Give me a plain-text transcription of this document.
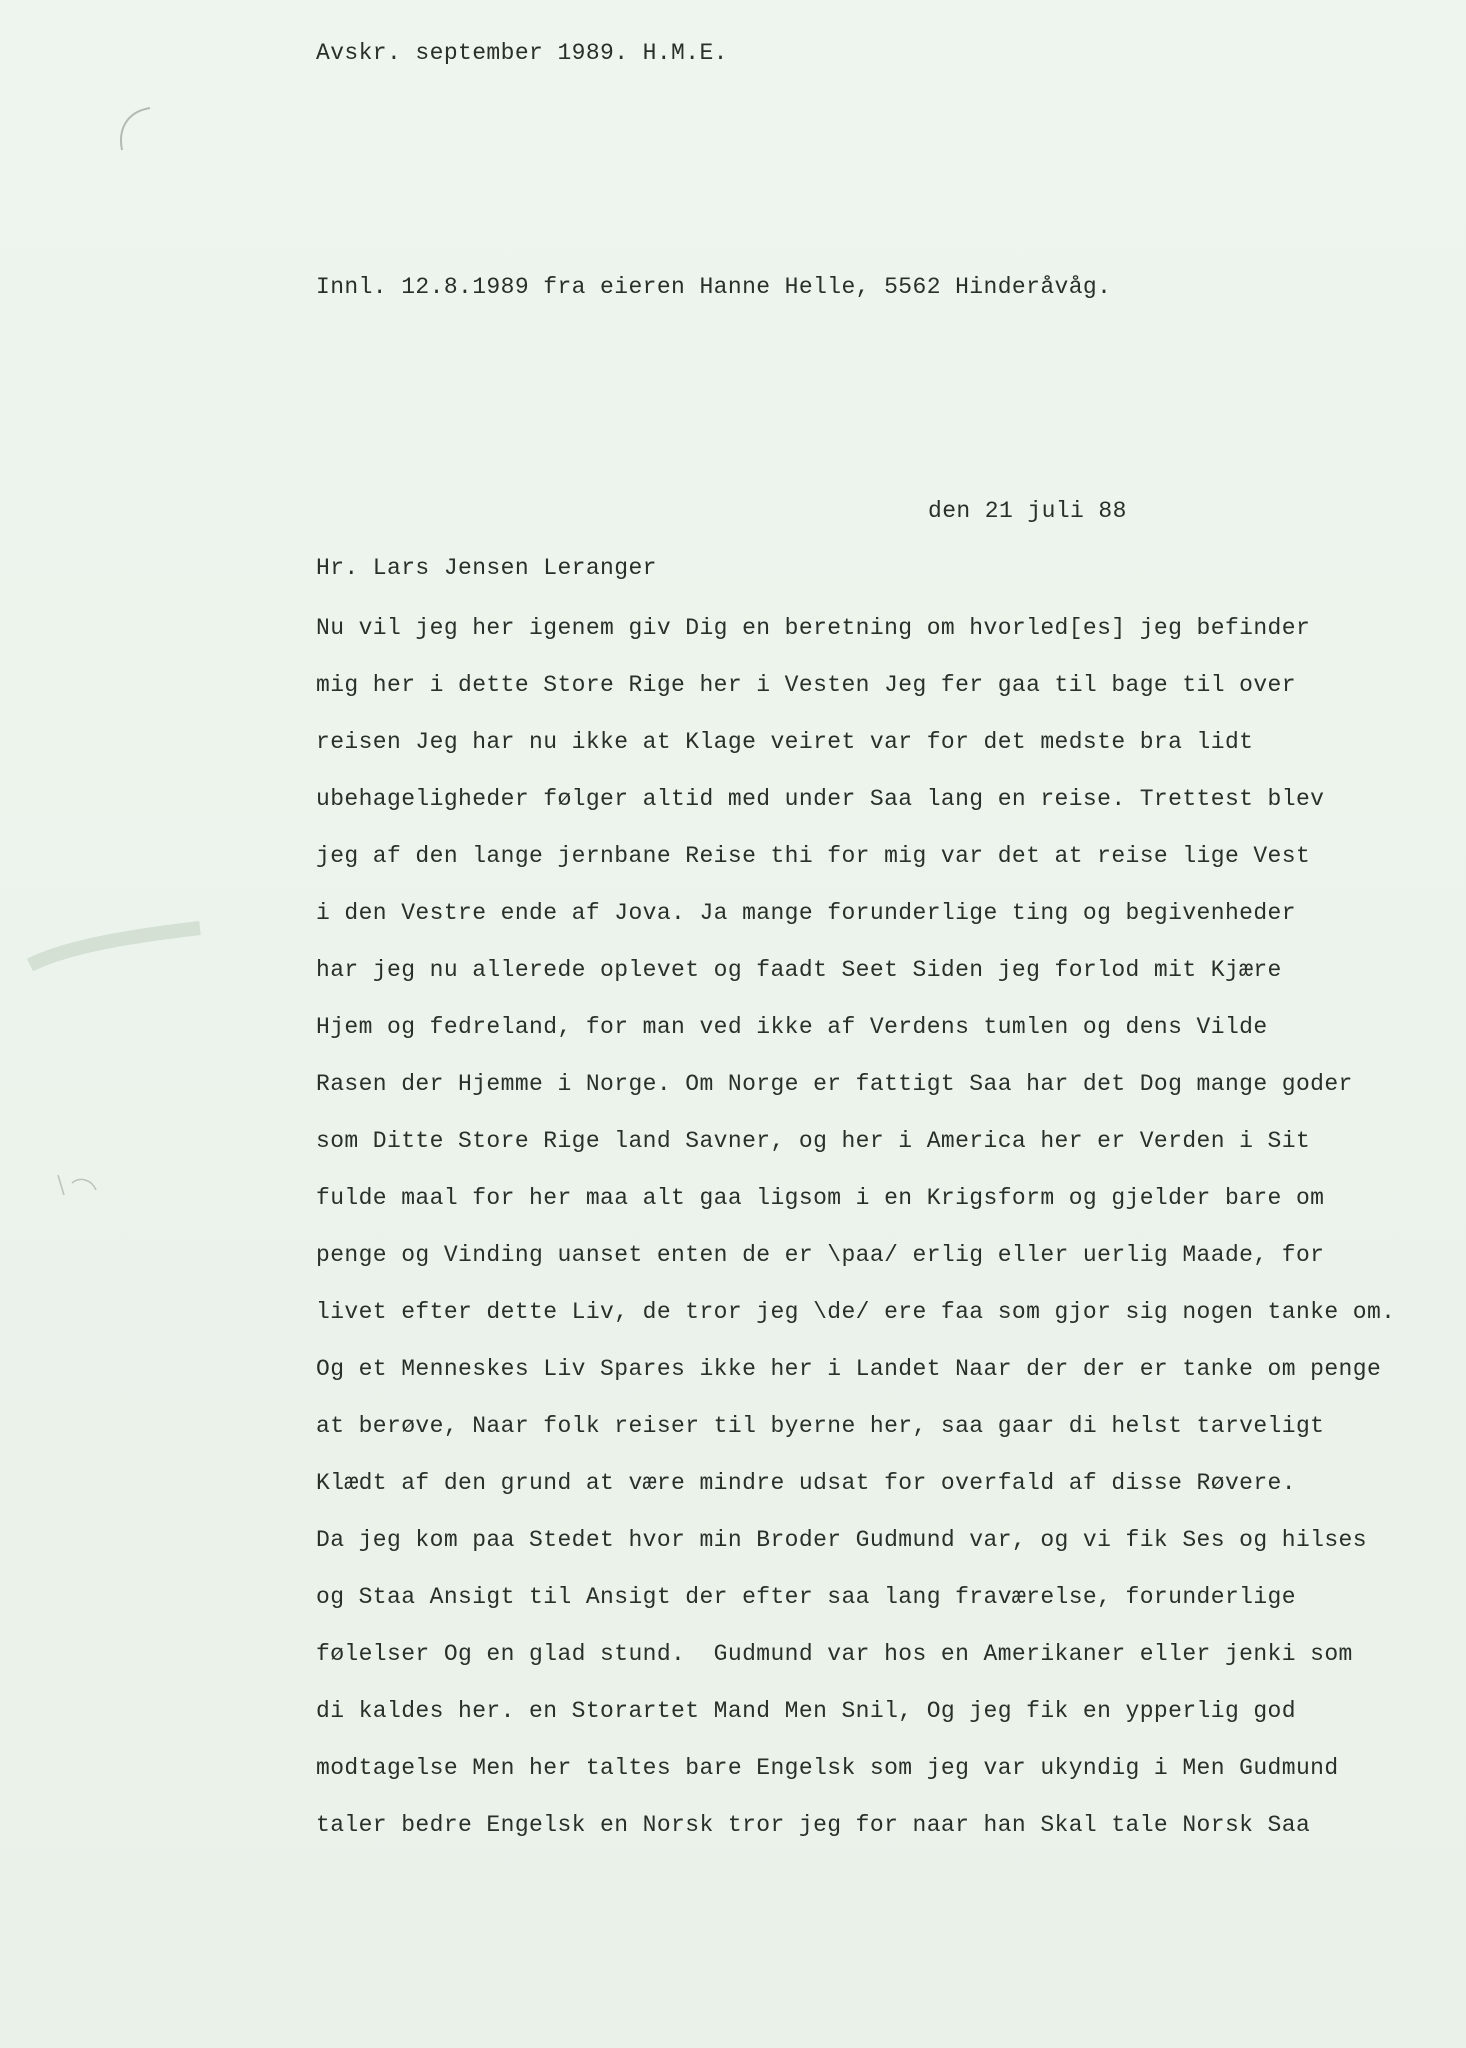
Avskr. september 1989. H.M.E.
Innl. 12.8.1989 fra eieren Hanne Helle, 5562 Hinderåvåg.
den 21 juli 88
Hr. Lars Jensen Leranger
Nu vil jeg her igenem giv Dig en beretning om hvorled[es] jeg befinder
mig her i dette Store Rige her i Vesten Jeg fer gaa til bage til over
reisen Jeg har nu ikke at Klage veiret var for det medste bra lidt
ubehageligheder følger altid med under Saa lang en reise. Trettest blev
jeg af den lange jernbane Reise thi for mig var det at reise lige Vest
i den Vestre ende af Jova. Ja mange forunderlige ting og begivenheder
har jeg nu allerede oplevet og faadt Seet Siden jeg forlod mit Kjære
Hjem og fedreland, for man ved ikke af Verdens tumlen og dens Vilde
Rasen der Hjemme i Norge. Om Norge er fattigt Saa har det Dog mange goder
som Ditte Store Rige land Savner, og her i America her er Verden i Sit
fulde maal for her maa alt gaa ligsom i en Krigsform og gjelder bare om
penge og Vinding uanset enten de er \paa/ erlig eller uerlig Maade, for
livet efter dette Liv, de tror jeg \de/ ere faa som gjor sig nogen tanke om.
Og et Menneskes Liv Spares ikke her i Landet Naar der der er tanke om penge
at berøve, Naar folk reiser til byerne her, saa gaar di helst tarveligt
Klædt af den grund at være mindre udsat for overfald af disse Røvere.
Da jeg kom paa Stedet hvor min Broder Gudmund var, og vi fik Ses og hilses
og Staa Ansigt til Ansigt der efter saa lang fraværelse, forunderlige
følelser Og en glad stund.  Gudmund var hos en Amerikaner eller jenki som
di kaldes her. en Storartet Mand Men Snil, Og jeg fik en ypperlig god
modtagelse Men her taltes bare Engelsk som jeg var ukyndig i Men Gudmund
taler bedre Engelsk en Norsk tror jeg for naar han Skal tale Norsk Saa
